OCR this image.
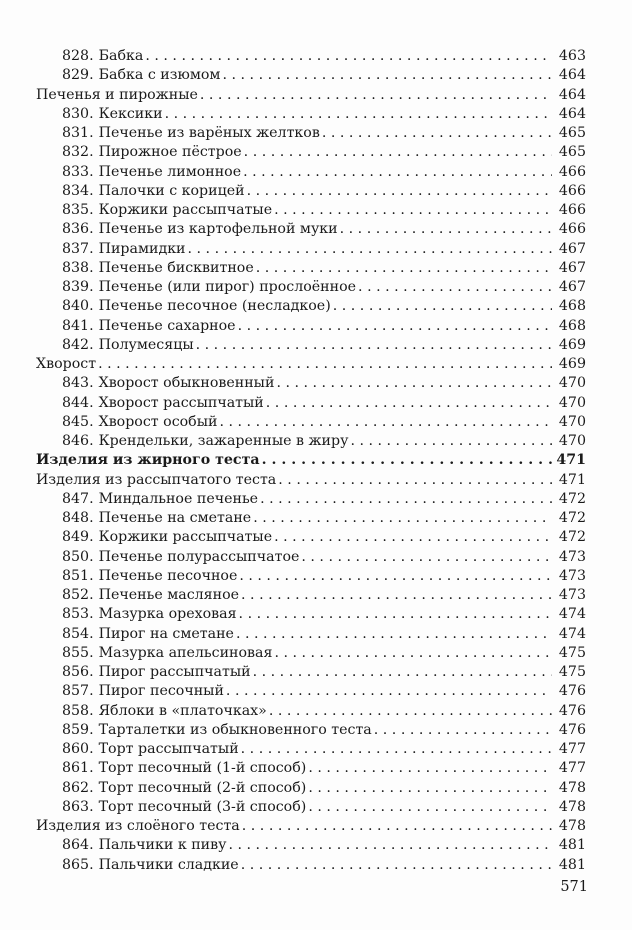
828. Бабка . . .	463
829. Бабка с изюмом . . .	464
Печенья и пирожные . . .	464
830. Кексики . . .	464
831. Печенье из варёных желтков . . .	465
832. Пирожное пёстрое . . .	465
833. Печенье лимонное . . .	466
834. Палочки с корицей . . .	466
835. Коржики рассыпчатые . . .	466
836. Печенье из картофельной муки . . .	466
837. Пирамидки . . .	467
838. Печенье бисквитное . . .	467
839. Печенье (или пирог) прослоённое . . .	467
840. Печенье песочное (несладкое) . . .	468
841. Печенье сахарное . . .	468
842. Полумесяцы . . .	469
Хворост . . .	469
843. Хворост обыкновенный . . .	470
844. Хворост рассыпчатый . . .	470
845. Хворост особый . . .	470
846. Крендельки, зажаренные в жиру . . .	470
Изделия из жирного теста . . .	471
Изделия из рассыпчатого теста . . .	471
847. Миндальное печенье . . .	472
848. Печенье на сметане . . .	472
849. Коржики рассыпчатые . . .	472
850. Печенье полурассыпчатое . . .	473
851. Печенье песочное . . .	473
852. Печенье масляное . . .	473
853. Мазурка ореховая . . .	474
854. Пирог на сметане . . .	474
855. Мазурка апельсиновая . . .	475
856. Пирог рассыпчатый . . .	475
857. Пирог песочный . . .	476
858. Яблоки в «платочках» . . .	476
859. Тарталетки из обыкновенного теста . . .	476
860. Торт рассыпчатый . . .	477
861. Торт песочный (1-й способ) . . .	477
862. Торт песочный (2-й способ) . . .	478
863. Торт песочный (3-й способ) . . .	478
Изделия из слоёного теста . . .	478
864. Пальчики к пиву . . .	481
865. Пальчики сладкие . . .	481
571
